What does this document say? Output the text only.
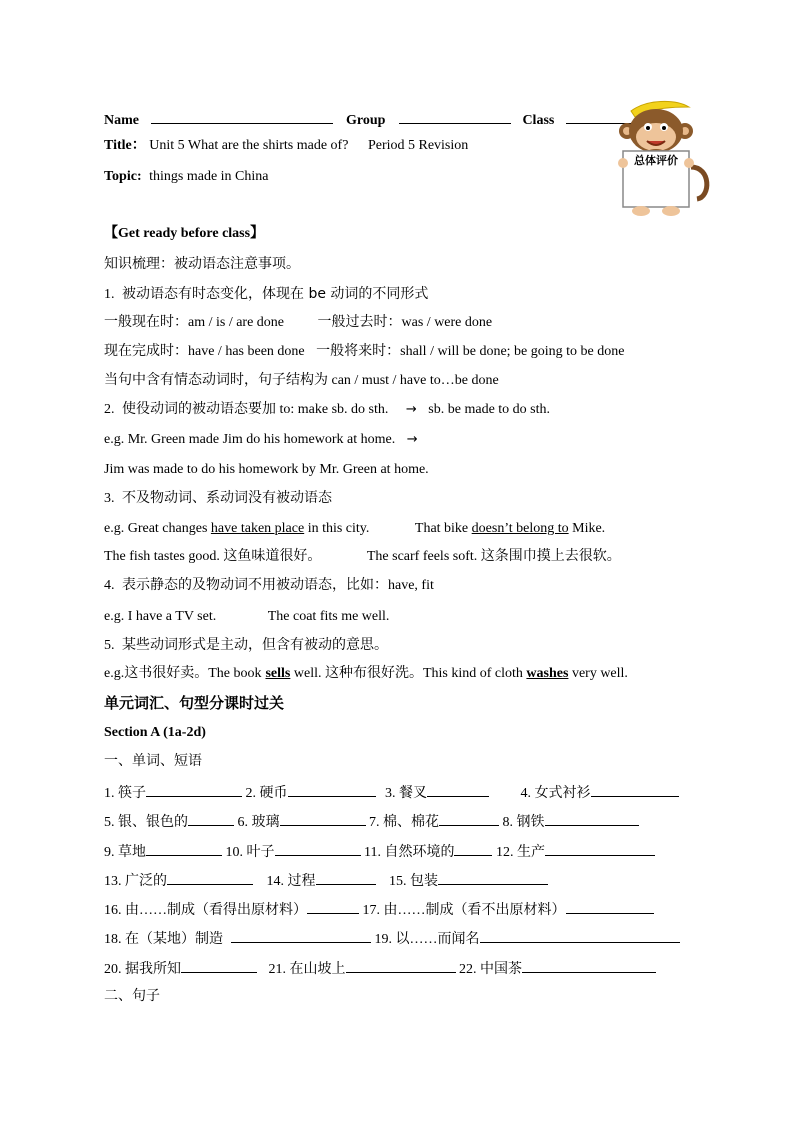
Name	Group	Class
Title： Unit 5 What are the shirts made of? Period 5 Revision
Topic: things made in China
总体评价
【Get ready before class】
知识梳理：被动语态注意事项。
1. 被动语态有时态变化，体现在 be 动词的不同形式
一般现在时：am / is / are done 一般过去时：was / were done
现在完成时：have / has been done 一般将来时：shall / will be done; be going to be done
当句中含有情态动词时，句子结构为 can / must / have to…be done
2. 使役动词的被动语态要加 to: make sb. do sth. → sb. be made to do sth.
e.g. Mr. Green made Jim do his homework at home. →
Jim was made to do his homework by Mr. Green at home.
3. 不及物动词、系动词没有被动语态
e.g. Great changes have taken place in this city.	That bike doesn’t belong to Mike.
The fish tastes good. 这鱼味道很好。	The scarf feels soft. 这条围巾摸上去很软。
4. 表示静态的及物动词不用被动语态，比如：have, fit
e.g. I have a TV set.	The coat fits me well.
5. 某些动词形式是主动，但含有被动的意思。
e.g.这书很好卖。The book sells well. 这种布很好洗。This kind of cloth washes very well.
单元词汇、句型分课时过关
Section A (1a-2d)
一、单词、短语
1. 筷子	2. 硬币	3. 餐叉	4. 女式衬衫
5. 银、银色的	6. 玻璃	7. 棉、棉花	8. 钢铁
9. 草地	10. 叶子	11. 自然环境的	12. 生产
13. 广泛的	14. 过程	15. 包装
16. 由……制成（看得出原材料）	17. 由……制成（看不出原材料）
18. 在（某地）制造	19. 以……而闻名
20. 据我所知	21. 在山坡上	22. 中国茶
二、句子
